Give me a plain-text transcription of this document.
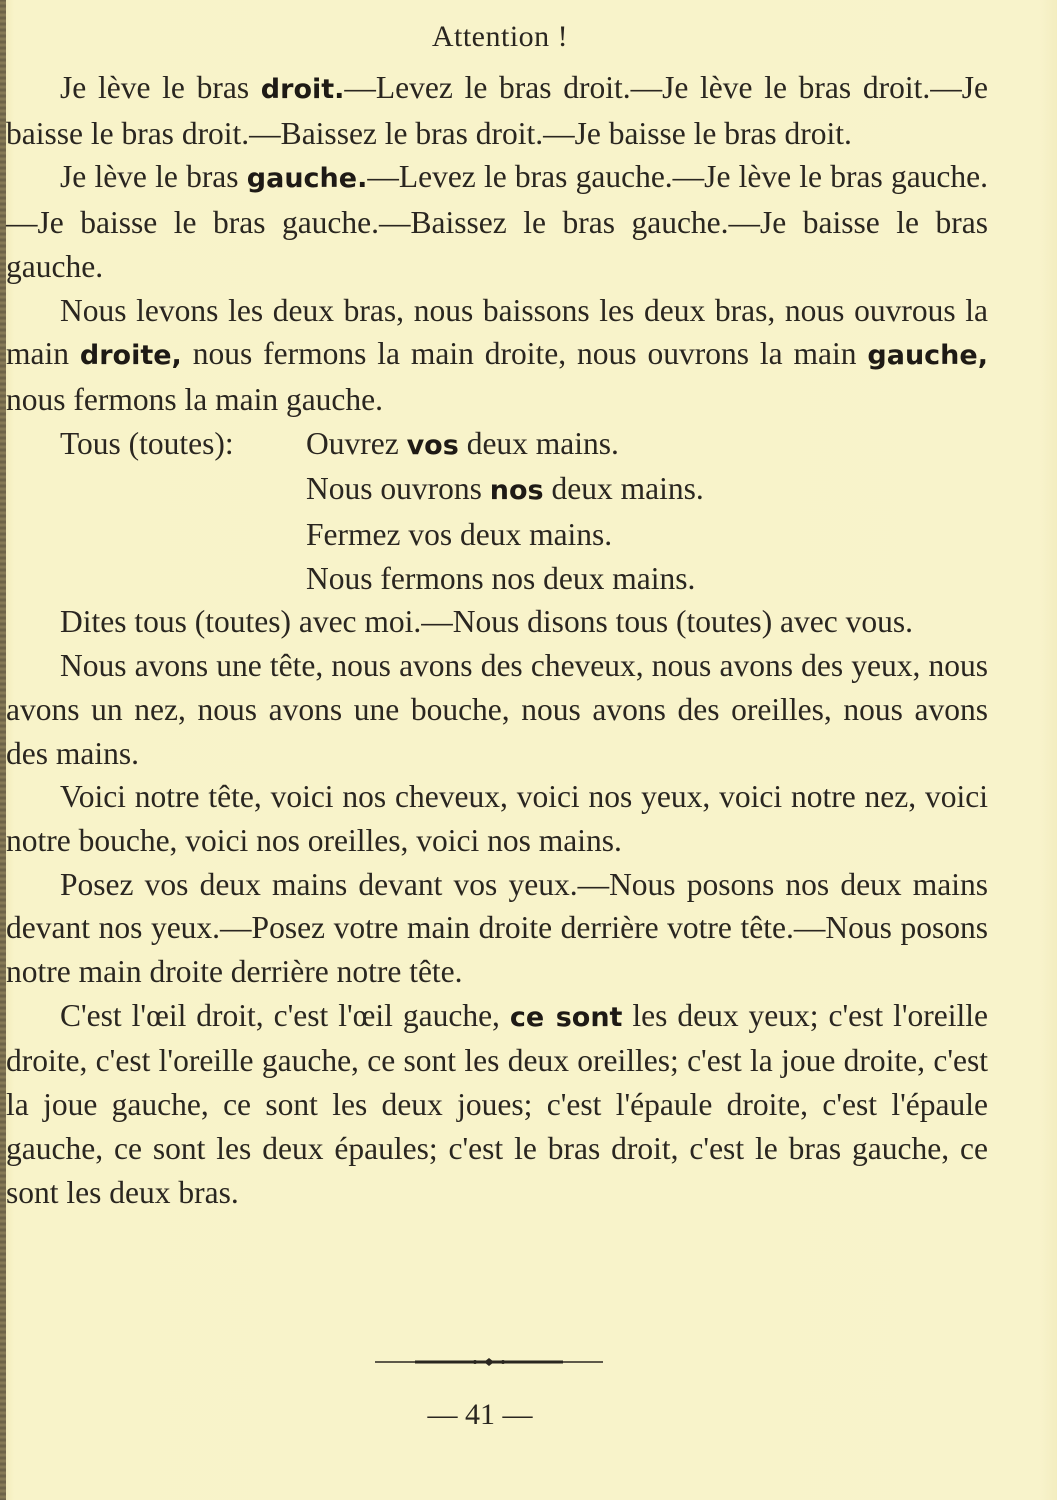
Attention !

Je lève le bras droit.—Levez le bras droit.—Je lève le bras droit.—Je baisse le bras droit.—Baissez le bras droit.—Je baisse le bras droit.

Je lève le bras gauche.—Levez le bras gauche.—Je lève le bras gauche.—Je baisse le bras gauche.—Baissez le bras gauche.—Je baisse le bras gauche.

Nous levons les deux bras, nous baissons les deux bras, nous ouvrous la main droite, nous fermons la main droite, nous ouvrons la main gauche, nous fermons la main gauche.

Tous (toutes):	Ouvrez vos deux mains.
Nous ouvrons nos deux mains.
Fermez vos deux mains.
Nous fermons nos deux mains.

Dites tous (toutes) avec moi.—Nous disons tous (toutes) avec vous.

Nous avons une tête, nous avons des cheveux, nous avons des yeux, nous avons un nez, nous avons une bouche, nous avons des oreilles, nous avons des mains.

Voici notre tête, voici nos cheveux, voici nos yeux, voici notre nez, voici notre bouche, voici nos oreilles, voici nos mains.

Posez vos deux mains devant vos yeux.—Nous posons nos deux mains devant nos yeux.—Posez votre main droite derrière votre tête.—Nous posons notre main droite derrière notre tête.

C'est l'œil droit, c'est l'œil gauche, ce sont les deux yeux; c'est l'oreille droite, c'est l'oreille gauche, ce sont les deux oreilles; c'est la joue droite, c'est la joue gauche, ce sont les deux joues; c'est l'épaule droite, c'est l'épaule gauche, ce sont les deux épaules; c'est le bras droit, c'est le bras gauche, ce sont les deux bras.

— 41 —
